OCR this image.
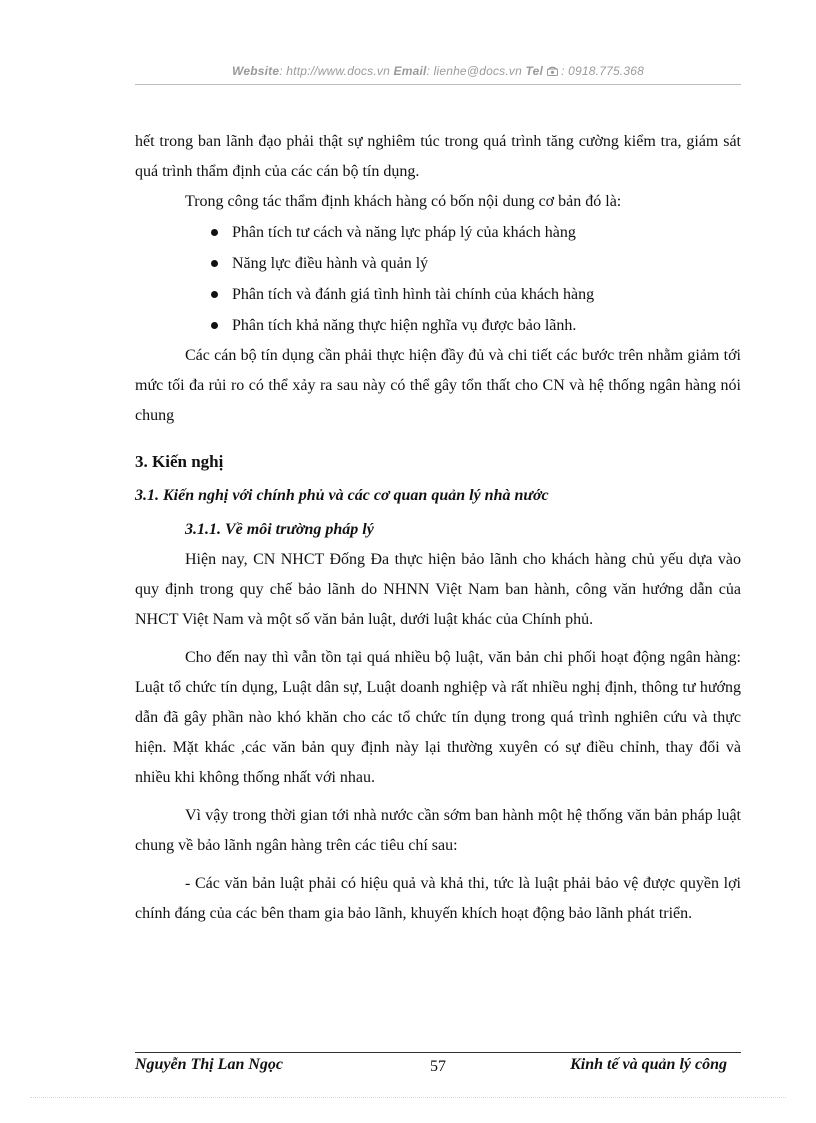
Website: http://www.docs.vn Email: lienhe@docs.vn Tel : 0918.775.368

hết trong ban lãnh đạo phải thật sự nghiêm túc trong quá trình tăng cường kiểm tra, giám sát quá trình thẩm định của các cán bộ tín dụng.

Trong công tác thẩm định khách hàng có bốn nội dung cơ bản đó là:

Phân tích tư cách và năng lực pháp lý của khách hàng
Năng lực điều hành và quản lý
Phân tích và đánh giá tình hình tài chính của khách hàng
Phân tích khả năng thực hiện nghĩa vụ được bảo lãnh.

Các cán bộ tín dụng cần phải thực hiện đầy đủ và chi tiết các bước trên nhằm giảm tới mức tối đa rủi ro có thể xảy ra sau này có thể gây tổn thất cho CN và hệ thống ngân hàng nói chung

3. Kiến nghị
3.1. Kiến nghị với chính phủ và các cơ quan quản lý nhà nước
3.1.1. Về môi trường pháp lý

Hiện nay, CN NHCT Đống Đa thực hiện bảo lãnh cho khách hàng chủ yếu dựa vào quy định trong quy chế bảo lãnh do NHNN Việt Nam ban hành, công văn hướng dẫn của NHCT Việt Nam và một số văn bản luật, dưới luật khác của Chính phủ.

Cho đến nay thì vẫn tồn tại quá nhiều bộ luật, văn bản chi phối hoạt động ngân hàng: Luật tổ chức tín dụng, Luật dân sự, Luật doanh nghiệp và rất nhiều nghị định, thông tư hướng dẫn đã gây phần nào khó khăn cho các tổ chức tín dụng trong quá trình nghiên cứu và thực hiện. Mặt khác ,các văn bản quy định này lại thường xuyên có sự điều chỉnh, thay đổi và nhiều khi không thống nhất với nhau.

Vì vậy trong thời gian tới nhà nước cần sớm ban hành một hệ thống văn bản pháp luật chung về bảo lãnh ngân hàng trên các tiêu chí sau:

- Các văn bản luật phải có hiệu quả và khả thi, tức là luật phải bảo vệ được quyền lợi chính đáng của các bên tham gia bảo lãnh, khuyến khích hoạt động bảo lãnh phát triển.

Nguyễn Thị Lan Ngọc	57	Kinh tế và quản lý công
